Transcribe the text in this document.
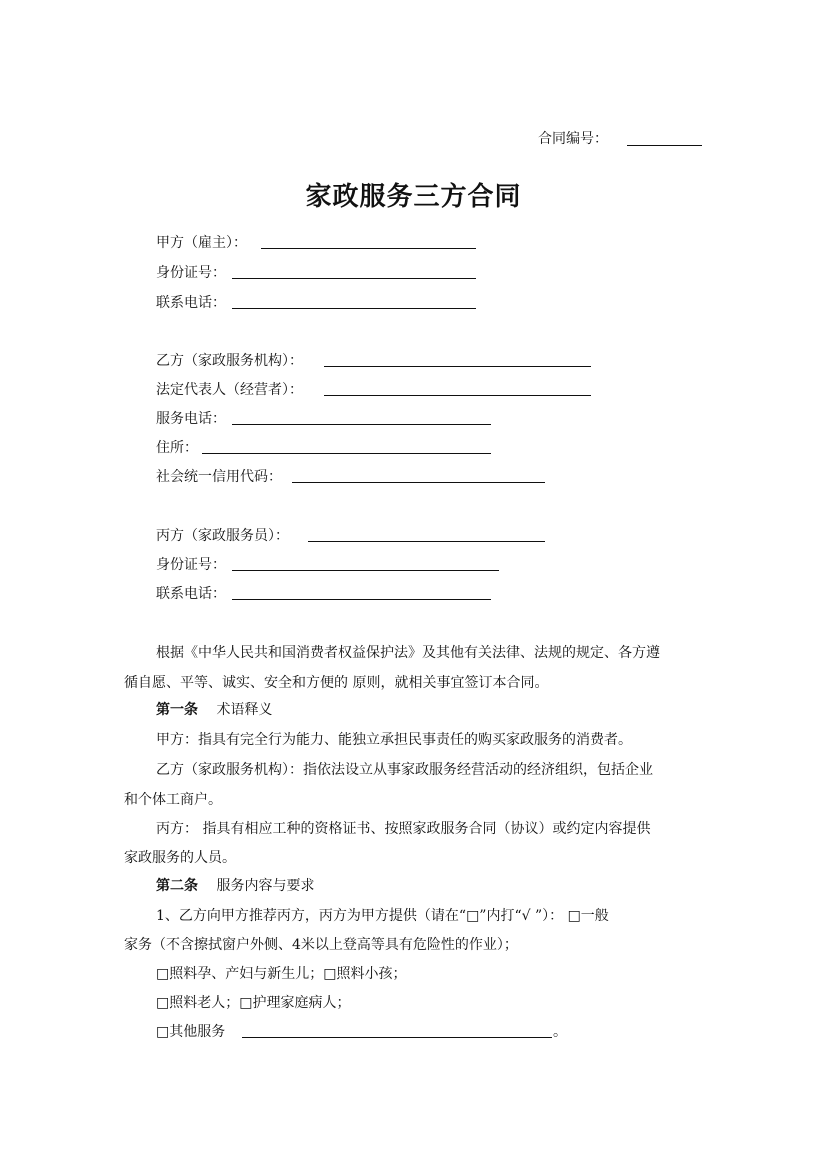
合同编号：
家政服务三方合同
甲方（雇主）：
身份证号：
联系电话：
乙方（家政服务机构）：
法定代表人（经营者）：
服务电话：
住所：
社会统一信用代码：
丙方（家政服务员）：
身份证号：
联系电话：
根据《中华人民共和国消费者权益保护法》及其他有关法律、法规的规定、各方遵
循自愿、平等、诚实、安全和方便的 原则，就相关事宜签订本合同。
第一条 术语释义
甲方：指具有完全行为能力、能独立承担民事责任的购买家政服务的消费者。
乙方（家政服务机构）：指依法设立从事家政服务经营活动的经济组织，包括企业
和个体工商户。
丙方： 指具有相应工种的资格证书、按照家政服务合同（协议）或约定内容提供
家政服务的人员。
第二条 服务内容与要求
1、乙方向甲方推荐丙方，丙方为甲方提供（请在“□”内打“√ ”）： □一般
家务（不含擦拭窗户外侧、4米以上登高等具有危险性的作业）；
□照料孕、产妇与新生儿；□照料小孩；
□照料老人；□护理家庭病人；
□其他服务	。
